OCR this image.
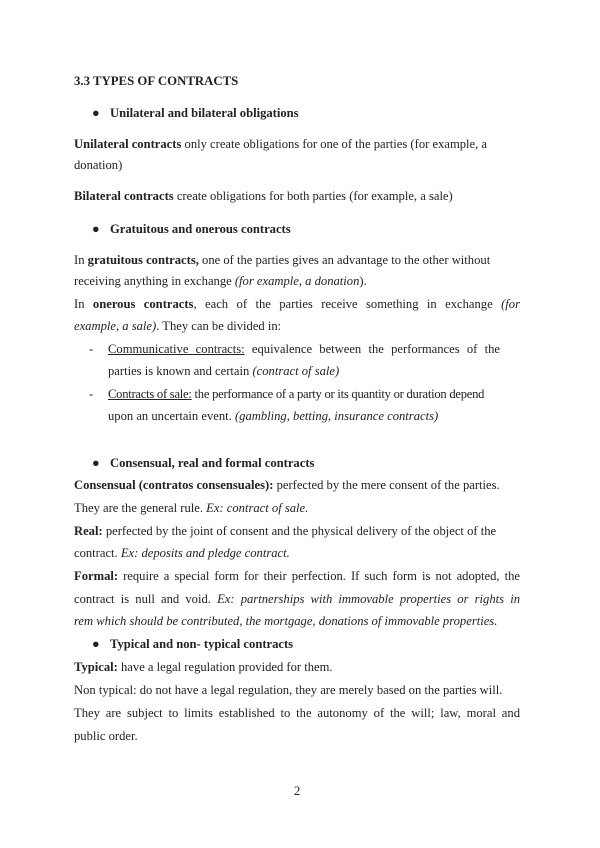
3.3 TYPES OF CONTRACTS
● Unilateral and bilateral obligations
Unilateral contracts only create obligations for one of the parties (for example, a
donation)
Bilateral contracts create obligations for both parties (for example, a sale)
● Gratuitous and onerous contracts
In gratuitous contracts, one of the parties gives an advantage to the other without
receiving anything in exchange (for example, a donation).
In onerous contracts, each of the parties receive something in exchange (for
example, a sale). They can be divided in:
- Communicative contracts: equivalence between the performances of the
parties is known and certain (contract of sale)
- Contracts of sale: the performance of a party or its quantity or duration depend
upon an uncertain event. (gambling, betting, insurance contracts)
● Consensual, real and formal contracts
Consensual (contratos consensuales): perfected by the mere consent of the parties.
They are the general rule. Ex: contract of sale.
Real: perfected by the joint of consent and the physical delivery of the object of the
contract. Ex: deposits and pledge contract.
Formal: require a special form for their perfection. If such form is not adopted, the
contract is null and void. Ex: partnerships with immovable properties or rights in
rem which should be contributed, the mortgage, donations of immovable properties.
● Typical and non- typical contracts
Typical: have a legal regulation provided for them.
Non typical: do not have a legal regulation, they are merely based on the parties will.
They are subject to limits established to the autonomy of the will; law, moral and
public order.
2
